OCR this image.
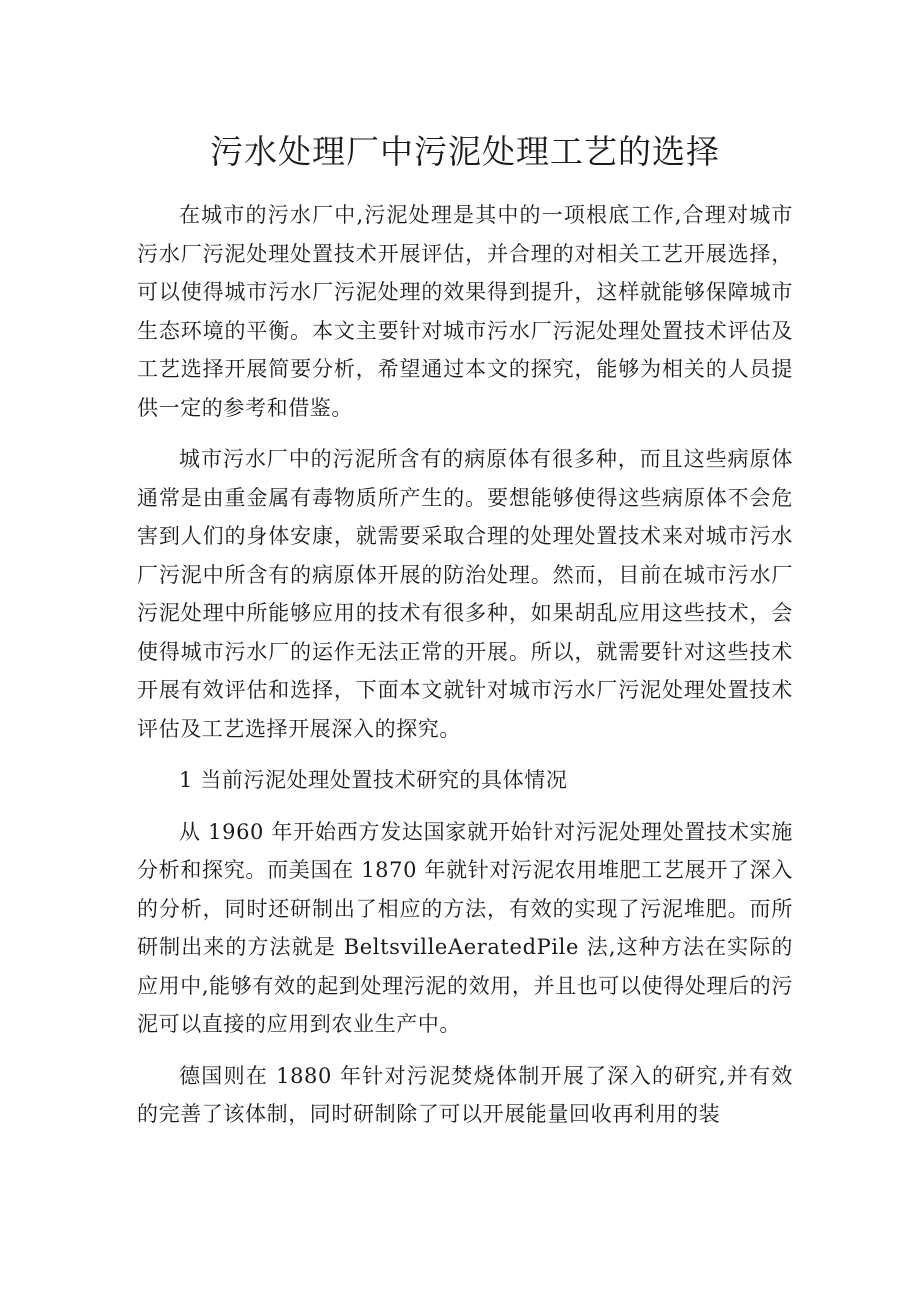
污水处理厂中污泥处理工艺的选择

在城市的污水厂中,污泥处理是其中的一项根底工作,合理对城市污水厂污泥处理处置技术开展评估，并合理的对相关工艺开展选择，可以使得城市污水厂污泥处理的效果得到提升，这样就能够保障城市生态环境的平衡。本文主要针对城市污水厂污泥处理处置技术评估及工艺选择开展简要分析，希望通过本文的探究，能够为相关的人员提供一定的参考和借鉴。

城市污水厂中的污泥所含有的病原体有很多种，而且这些病原体通常是由重金属有毒物质所产生的。要想能够使得这些病原体不会危害到人们的身体安康，就需要采取合理的处理处置技术来对城市污水厂污泥中所含有的病原体开展的防治处理。然而，目前在城市污水厂污泥处理中所能够应用的技术有很多种，如果胡乱应用这些技术，会使得城市污水厂的运作无法正常的开展。所以，就需要针对这些技术开展有效评估和选择，下面本文就针对城市污水厂污泥处理处置技术评估及工艺选择开展深入的探究。

1 当前污泥处理处置技术研究的具体情况

从 1960 年开始西方发达国家就开始针对污泥处理处置技术实施分析和探究。而美国在 1870 年就针对污泥农用堆肥工艺展开了深入的分析，同时还研制出了相应的方法，有效的实现了污泥堆肥。而所研制出来的方法就是 BeltsvilleAeratedPile 法,这种方法在实际的应用中,能够有效的起到处理污泥的效用，并且也可以使得处理后的污泥可以直接的应用到农业生产中。

德国则在 1880 年针对污泥焚烧体制开展了深入的研究,并有效的完善了该体制，同时研制除了可以开展能量回收再利用的装
